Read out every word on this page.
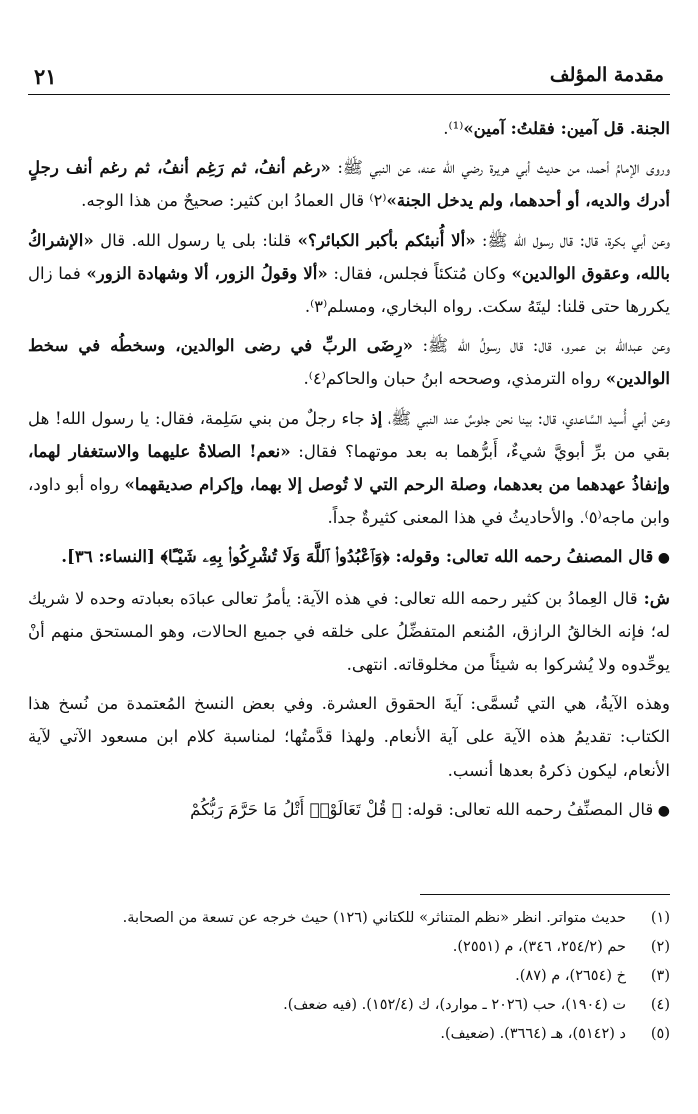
مقدمة المؤلف
٢١

الجنة. قل آمين: فقلتُ: آمين»⁽¹⁾.

وروى الإمامُ أحمد، من حديث أبي هريرة رضي الله عنه، عن النبي ﷺ: «رغم أنفُ، ثم رَغِم أنفُ، ثم رغم أنف رجلٍ أدرك والديه، أو أحدهما، ولم يدخل الجنة»⁽٢⁾ قال العمادُ ابن كثير: صحيحٌ من هذا الوجه.

وعن أبي بكرة، قال: قال رسول الله ﷺ: «ألا أُنبئكم بأكبر الكبائر؟» قلنا: بلى يا رسول الله. قال «الإشراكُ بالله، وعقوق الوالدين» وكان مُتكئاً فجلس، فقال: «ألا وقولُ الزور، ألا وشهادة الزور» فما زال يكررها حتى قلنا: ليتَهُ سكت. رواه البخاري، ومسلم⁽٣⁾.

وعن عبدالله بن عمرو، قال: قال رسولُ الله ﷺ: «رِضَى الربِّ في رضى الوالدين، وسخطُه في سخط الوالدين» رواه الترمذي، وصححه ابنُ حبان والحاكم⁽٤⁾.

وعن أبي أُسيد السَّاعدي، قال: بينا نحن جلوسٌ عند النبي ﷺ، إذ جاء رجلٌ من بني سَلِمة، فقال: يا رسول الله! هل بقي من برِّ أبويَّ شيءٌ، أَبرُّهما به بعد موتهما؟ فقال: «نعم! الصلاةُ عليهما والاستغفار لهما، وإنفاذُ عهدهما من بعدهما، وصلة الرحم التي لا تُوصل إلا بهما، وإكرام صديقهما» رواه أبو داود، وابن ماجه⁽٥⁾. والأحاديثُ في هذا المعنى كثيرةٌ جداً.

● قال المصنفُ رحمه الله تعالى: وقوله: ﴿وَٱعْبُدُوا۟ ٱللَّهَ وَلَا تُشْرِكُوا۟ بِهِۦ شَيْـًٔا﴾ [النساء: ٣٦].

ش: قال العِمادُ بن كثير رحمه الله تعالى: في هذه الآية: يأمرُ تعالى عبادَه بعبادته وحده لا شريك له؛ فإنه الخالقُ الرازق، المُنعم المتفضِّلُ على خلقه في جميع الحالات، وهو المستحق منهم أنْ يوحِّدوه ولا يُشركوا به شيئاً من مخلوقاته. انتهى.

وهذه الآيةُ، هي التي تُسمَّى: آيةَ الحقوق العشرة. وفي بعض النسخ المُعتمدة من نُسخ هذا الكتاب: تقديمُ هذه الآية على آية الأنعام. ولهذا قدَّمتُها؛ لمناسبة كلام ابن مسعود الآتي لآية الأنعام، ليكون ذكرهُ بعدها أنسب.

● قال المصنِّفُ رحمه الله تعالى: قوله: ﴿ قُلْ تَعَالَوْا۟ أَتْلُ مَا حَرَّمَ رَبُّكُمْ

(١)
حديث متواتر. انظر «نظم المتناثر» للكتاني (١٢٦) حيث خرجه عن تسعة من الصحابة.
(٢)
حم (٢٥٤/٢، ٣٤٦)، م (٢٥٥١).
(٣)
خ (٢٦٥٤)، م (٨٧).
(٤)
ت (١٩٠٤)، حب (٢٠٢٦ ـ موارد)، ك (١٥٢/٤). (فيه ضعف).
(٥)
د (٥١٤٢)، هـ (٣٦٦٤). (ضعيف).
